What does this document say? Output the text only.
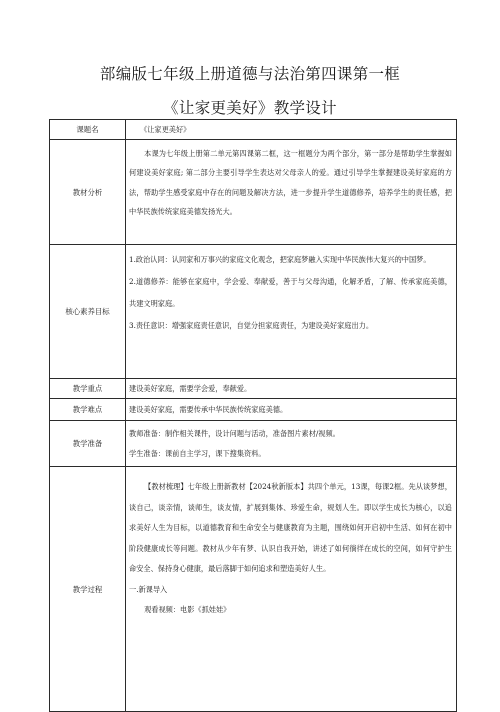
部编版七年级上册道德与法治第四课第一框
《让家更美好》教学设计
课题名	《让家更美好》

教材分析	本课为七年级上册第二单元第四课第二框，这一框题分为两个部分，第一部分是帮助学生掌握如何建设美好家庭; 第二部分主要引导学生表达对父母亲人的爱。通过引导学生掌握建设美好家庭的方法，帮助学生感受家庭中存在的问题及解决方法，进一步提升学生道德修养，培养学生的责任感，把中华民族传统家庭美德发扬光大。

核心素养目标	1.政治认同：认同家和万事兴的家庭文化观念，把家庭梦融入实现中华民族伟大复兴的中国梦。

2.道德修养：能够在家庭中，学会爱、奉献爱，善于与父母沟通，化解矛盾，了解、传承家庭美德，共建文明家庭。

3.责任意识：增强家庭责任意识，自觉分担家庭责任，为建设美好家庭出力。

教学重点	建设美好家庭，需要学会爱，奉献爱。

教学难点	建设美好家庭，需要传承中华民族传统家庭美德。

教学准备	教师准备：制作相关课件，设计问题与活动，准备图片素材/视频。

学生准备：课前自主学习，课下搜集资料。

教学过程	【教材梳理】七年级上册新教材【2024秋新版本】共四个单元，13课，每课2框。先从谈梦想，谈自己，谈亲情，谈师生，谈友情，扩展到集体、珍爱生命，规划人生。即以学生成长为核心，以追求美好人生为目标，以道德教育和生命安全与健康教育为主题，围绕如何开启初中生活、如何在初中阶段健康成长等问题。教材从少年有梦、认识自我开始，讲述了如何徜徉在成长的空间，如何守护生命安全、保持身心健康，最后落脚于如何追求和塑造美好人生。

一.新课导入

观看视频：电影《抓娃娃》
